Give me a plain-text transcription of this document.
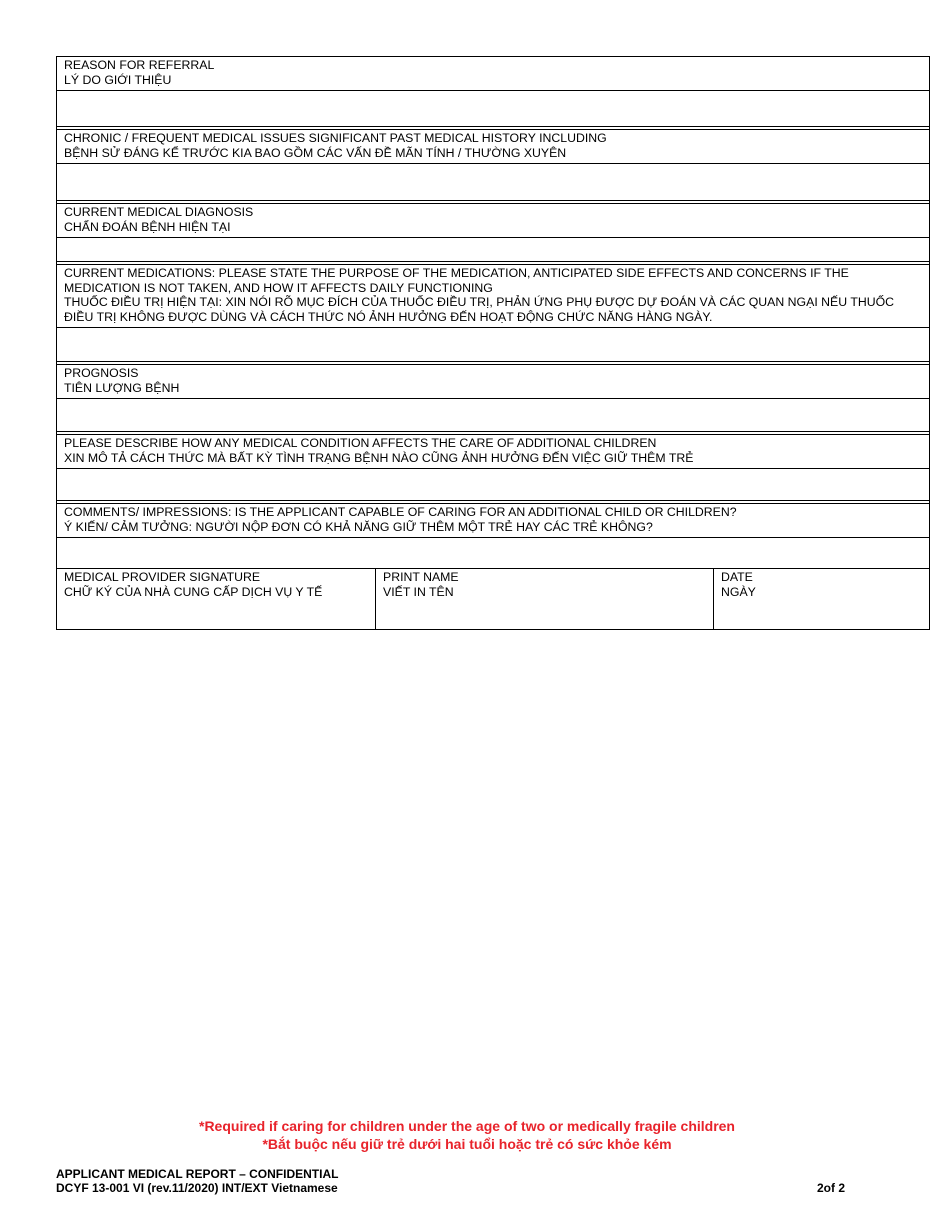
REASON FOR REFERRAL
LÝ DO GIỚI THIỆU
CHRONIC / FREQUENT MEDICAL ISSUES SIGNIFICANT PAST MEDICAL HISTORY INCLUDING
BỆNH SỬ ĐÁNG KỂ TRƯỚC KIA BAO GỒM CÁC VẤN ĐỀ MÃN TÍNH / THƯỜNG XUYÊN
CURRENT MEDICAL DIAGNOSIS
CHẨN ĐOÁN BỆNH HIỆN TẠI
CURRENT MEDICATIONS: PLEASE STATE THE PURPOSE OF THE MEDICATION, ANTICIPATED SIDE EFFECTS AND CONCERNS IF THE MEDICATION IS NOT TAKEN, AND HOW IT AFFECTS DAILY FUNCTIONING
THUỐC ĐIỀU TRỊ HIỆN TẠI: XIN NÓI RÕ MỤC ĐÍCH CỦA THUỐC ĐIỀU TRỊ, PHẢN ỨNG PHỤ ĐƯỢC DỰ ĐOÁN VÀ CÁC QUAN NGẠI NẾU THUỐC ĐIỀU TRỊ KHÔNG ĐƯỢC DÙNG VÀ CÁCH THỨC NÓ ẢNH HƯỞNG ĐẾN HOẠT ĐỘNG CHỨC NĂNG HÀNG NGÀY.
PROGNOSIS
TIÊN LƯỢNG BỆNH
PLEASE DESCRIBE HOW ANY MEDICAL CONDITION AFFECTS THE CARE OF ADDITIONAL CHILDREN
XIN MÔ TẢ CÁCH THỨC MÀ BẤT KỲ TÌNH TRẠNG BỆNH NÀO CŨNG ẢNH HƯỞNG ĐẾN VIỆC GIỮ THÊM TRẺ
COMMENTS/ IMPRESSIONS: IS THE APPLICANT CAPABLE OF CARING FOR AN ADDITIONAL CHILD OR CHILDREN?
Ý KIẾN/ CẢM TƯỞNG: NGƯỜI NỘP ĐƠN CÓ KHẢ NĂNG GIỮ THÊM MỘT TRẺ HAY CÁC TRẺ KHÔNG?
MEDICAL PROVIDER SIGNATURE
CHỮ KÝ CỦA NHÀ CUNG CẤP DỊCH VỤ Y TẾ
PRINT NAME
VIẾT IN TÊN
DATE
NGÀY
*Required if caring for children under the age of two or medically fragile children
*Bắt buộc nếu giữ trẻ dưới hai tuổi hoặc trẻ có sức khỏe kém
APPLICANT MEDICAL REPORT – CONFIDENTIAL
DCYF 13-001 VI (rev.11/2020) INT/EXT Vietnamese	2of 2
